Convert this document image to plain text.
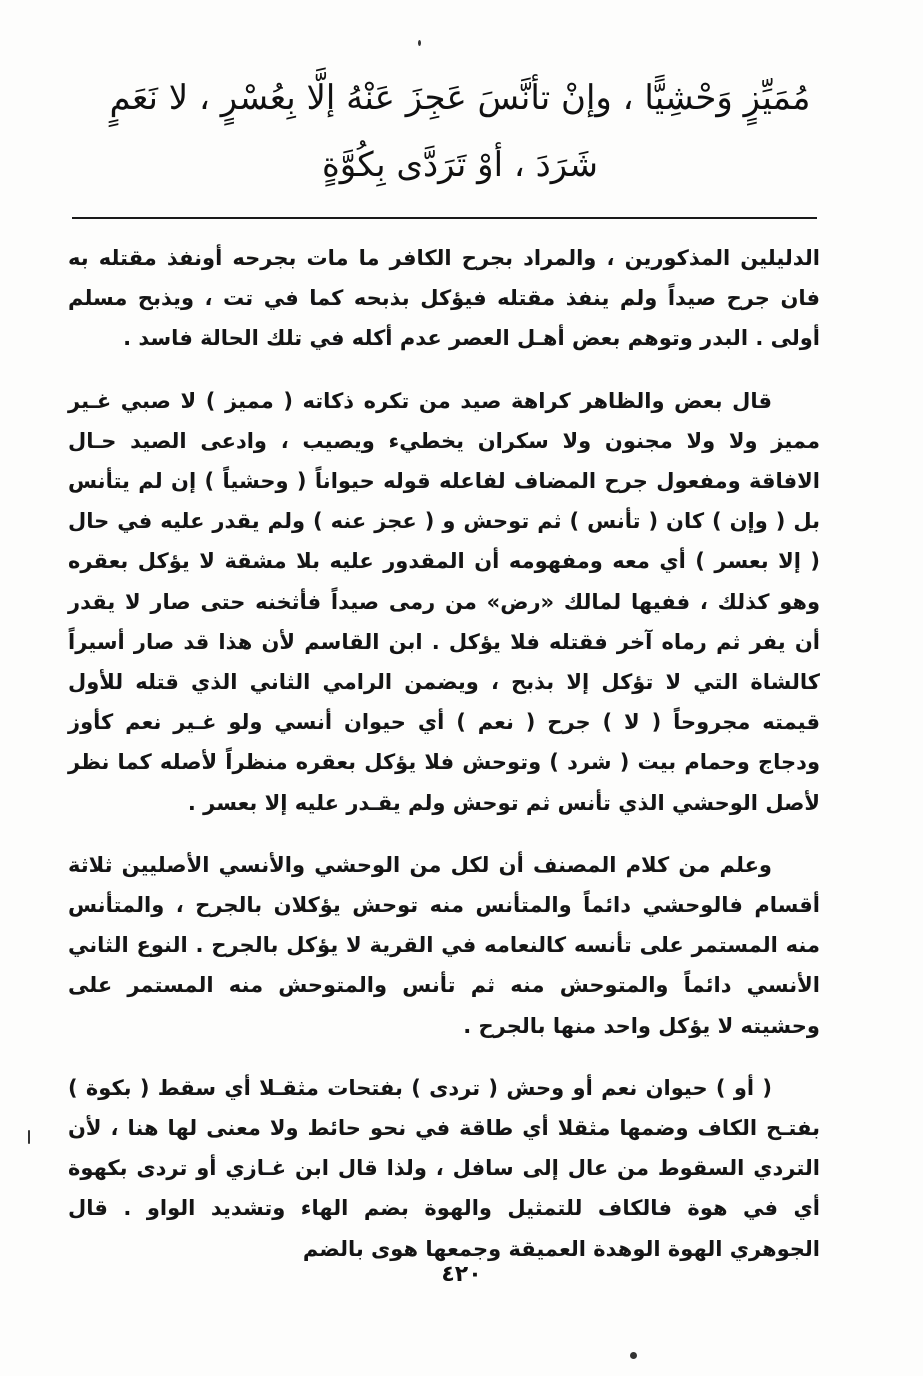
مُمَيِّزٍ وَحْشِيًّا ، وإنْ تأنَّسَ عَجِزَ عَنْهُ إلَّا بِعُسْرٍ ، لا نَعَمٍ
شَرَدَ ، أوْ تَرَدَّى بِكُوَّةٍ

الدليلين المذكورين ، والمراد بجرح الكافر ما مات بجرحه أونفذ مقتله به فان جرح صيداً ولم ينفذ مقتله فيؤكل بذبحه كما في تت ، ويذبح مسلم أولى . البدر وتوهم بعض أهـل العصر عدم أكله في تلك الحالة فاسد .

قال بعض والظاهر كراهة صيد من تكره ذكاته ( مميز ) لا صبي غـير مميز ولا ولا مجنون ولا سكران يخطيء ويصيب ، وادعى الصيد حـال الافاقة ومفعول جرح المضاف لفاعله قوله حيواناً ( وحشياً ) إن لم يتأنس بل ( وإن ) كان ( تأنس ) ثم توحش و ( عجز عنه ) ولم يقدر عليه في حال ( إلا بعسر ) أي معه ومفهومه أن المقدور عليه بلا مشقة لا يؤكل بعقره وهو كذلك ، ففيها لمالك «رض» من رمى صيداً فأثخنه حتى صار لا يقدر أن يفر ثم رماه آخر فقتله فلا يؤكل . ابن القاسم لأن هذا قد صار أسيراً كالشاة التي لا تؤكل إلا بذبح ، ويضمن الرامي الثاني الذي قتله للأول قيمته مجروحاً ( لا ) جرح ( نعم ) أي حيوان أنسي ولو غـير نعم كأوز ودجاج وحمام بيت ( شرد ) وتوحش فلا يؤكل بعقره منظراً لأصله كما نظر لأصل الوحشي الذي تأنس ثم توحش ولم يقـدر عليه إلا بعسر .

وعلم من كلام المصنف أن لكل من الوحشي والأنسي الأصليين ثلاثة أقسام فالوحشي دائماً والمتأنس منه توحش يؤكلان بالجرح ، والمتأنس منه المستمر على تأنسه كالنعامه في القرية لا يؤكل بالجرح . النوع الثاني الأنسي دائماً والمتوحش منه ثم تأنس والمتوحش منه المستمر على وحشيته لا يؤكل واحد منها بالجرح .

( أو ) حيوان نعم أو وحش ( تردى ) بفتحات مثقـلا أي سقط ( بكوة ) بفتـح الكاف وضمها مثقلا أي طاقة في نحو حائط ولا معنى لها هنا ، لأن التردي السقوط من عال إلى سافل ، ولذا قال ابن غـازي أو تردى بكهوة أي في هوة فالكاف للتمثيل والهوة بضم الهاء وتشديد الواو . قال الجوهري الهوة الوهدة العميقة وجمعها هوى بالضم

٤٢٠
